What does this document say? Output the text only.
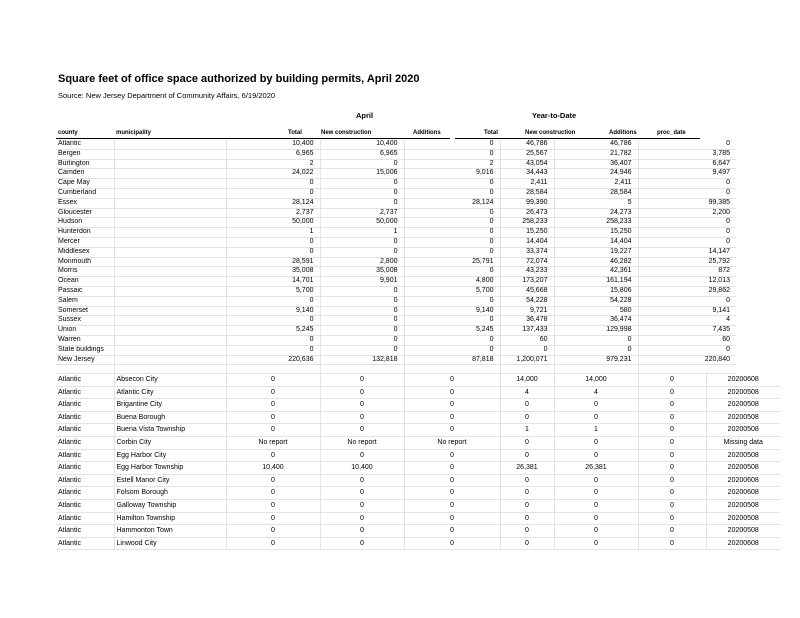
Square feet of office space authorized by building permits, April 2020
Source: New Jersey Department of Community Affairs, 6/19/2020
April	Year-to-Date
county	municipality	Total	New construction	Additions	Total	New construction	Additions	proc_date
Atlantic		10,400	10,400	0	46,786	46,786	0
Bergen		6,965	6,965	0	25,567	21,782	3,785
Burlington		2	0	2	43,054	36,407	6,647
Camden		24,022	15,006	9,016	34,443	24,946	9,497
Cape May		0	0	0	2,411	2,411	0
Cumberland		0	0	0	28,584	28,584	0
Essex		28,124	0	28,124	99,390	5	99,385
Gloucester		2,737	2,737	0	26,473	24,273	2,200
Hudson		50,000	50,000	0	258,233	258,233	0
Hunterdon		1	1	0	15,250	15,250	0
Mercer		0	0	0	14,404	14,404	0
Middlesex		0	0	0	33,374	19,227	14,147
Monmouth		28,591	2,800	25,791	72,074	46,282	25,792
Morris		35,008	35,008	0	43,233	42,361	872
Ocean		14,701	9,901	4,800	173,207	161,194	12,013
Passaic		5,700	0	5,700	45,668	15,806	29,862
Salem		0	0	0	54,228	54,228	0
Somerset		9,140	0	9,140	9,721	580	9,141
Sussex		0	0	0	36,478	36,474	4
Union		5,245	0	5,245	137,433	129,998	7,435
Warren		0	0	0	60	0	60
State buildings		0	0	0	0	0	0
New Jersey		220,636	132,818	87,818	1,200,071	979,231	220,840

Atlantic	Absecon City	0	0	0	14,000	14,000	0	20200608
Atlantic	Atlantic City	0	0	0	4	4	0	20200508
Atlantic	Brigantine City	0	0	0	0	0	0	20200508
Atlantic	Buena Borough	0	0	0	0	0	0	20200508
Atlantic	Buena Vista Township	0	0	0	1	1	0	20200508
Atlantic	Corbin City	No report	No report	No report	0	0	0	Missing data
Atlantic	Egg Harbor City	0	0	0	0	0	0	20200508
Atlantic	Egg Harbor Township	10,400	10,400	0	26,381	26,381	0	20200508
Atlantic	Estell Manor City	0	0	0	0	0	0	20200608
Atlantic	Folsom Borough	0	0	0	0	0	0	20200608
Atlantic	Galloway Township	0	0	0	0	0	0	20200508
Atlantic	Hamilton Township	0	0	0	0	0	0	20200508
Atlantic	Hammonton Town	0	0	0	0	0	0	20200508
Atlantic	Linwood City	0	0	0	0	0	0	20200608
